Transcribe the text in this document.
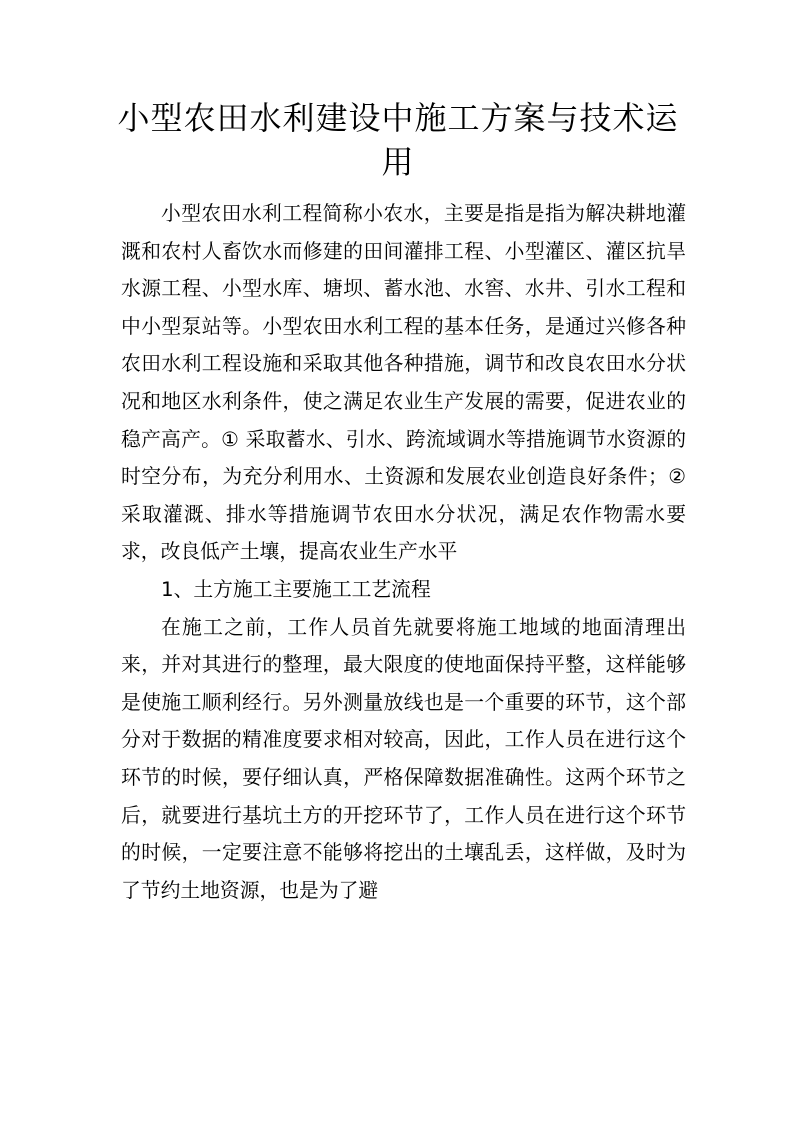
小型农田水利建设中施工方案与技术运用

小型农田水利工程简称小农水，主要是指是指为解决耕地灌溉和农村人畜饮水而修建的田间灌排工程、小型灌区、灌区抗旱水源工程、小型水库、塘坝、蓄水池、水窖、水井、引水工程和中小型泵站等。小型农田水利工程的基本任务，是通过兴修各种农田水利工程设施和采取其他各种措施，调节和改良农田水分状况和地区水利条件，使之满足农业生产发展的需要，促进农业的稳产高产。① 采取蓄水、引水、跨流域调水等措施调节水资源的时空分布，为充分利用水、土资源和发展农业创造良好条件；②采取灌溉、排水等措施调节农田水分状况，满足农作物需水要求，改良低产土壤，提高农业生产水平

1、土方施工主要施工工艺流程

在施工之前，工作人员首先就要将施工地域的地面清理出来，并对其进行的整理，最大限度的使地面保持平整，这样能够是使施工顺利经行。另外测量放线也是一个重要的环节，这个部分对于数据的精准度要求相对较高，因此，工作人员在进行这个环节的时候，要仔细认真，严格保障数据准确性。这两个环节之后，就要进行基坑土方的开挖环节了，工作人员在进行这个环节的时候，一定要注意不能够将挖出的土壤乱丢，这样做，及时为了节约土地资源，也是为了避
